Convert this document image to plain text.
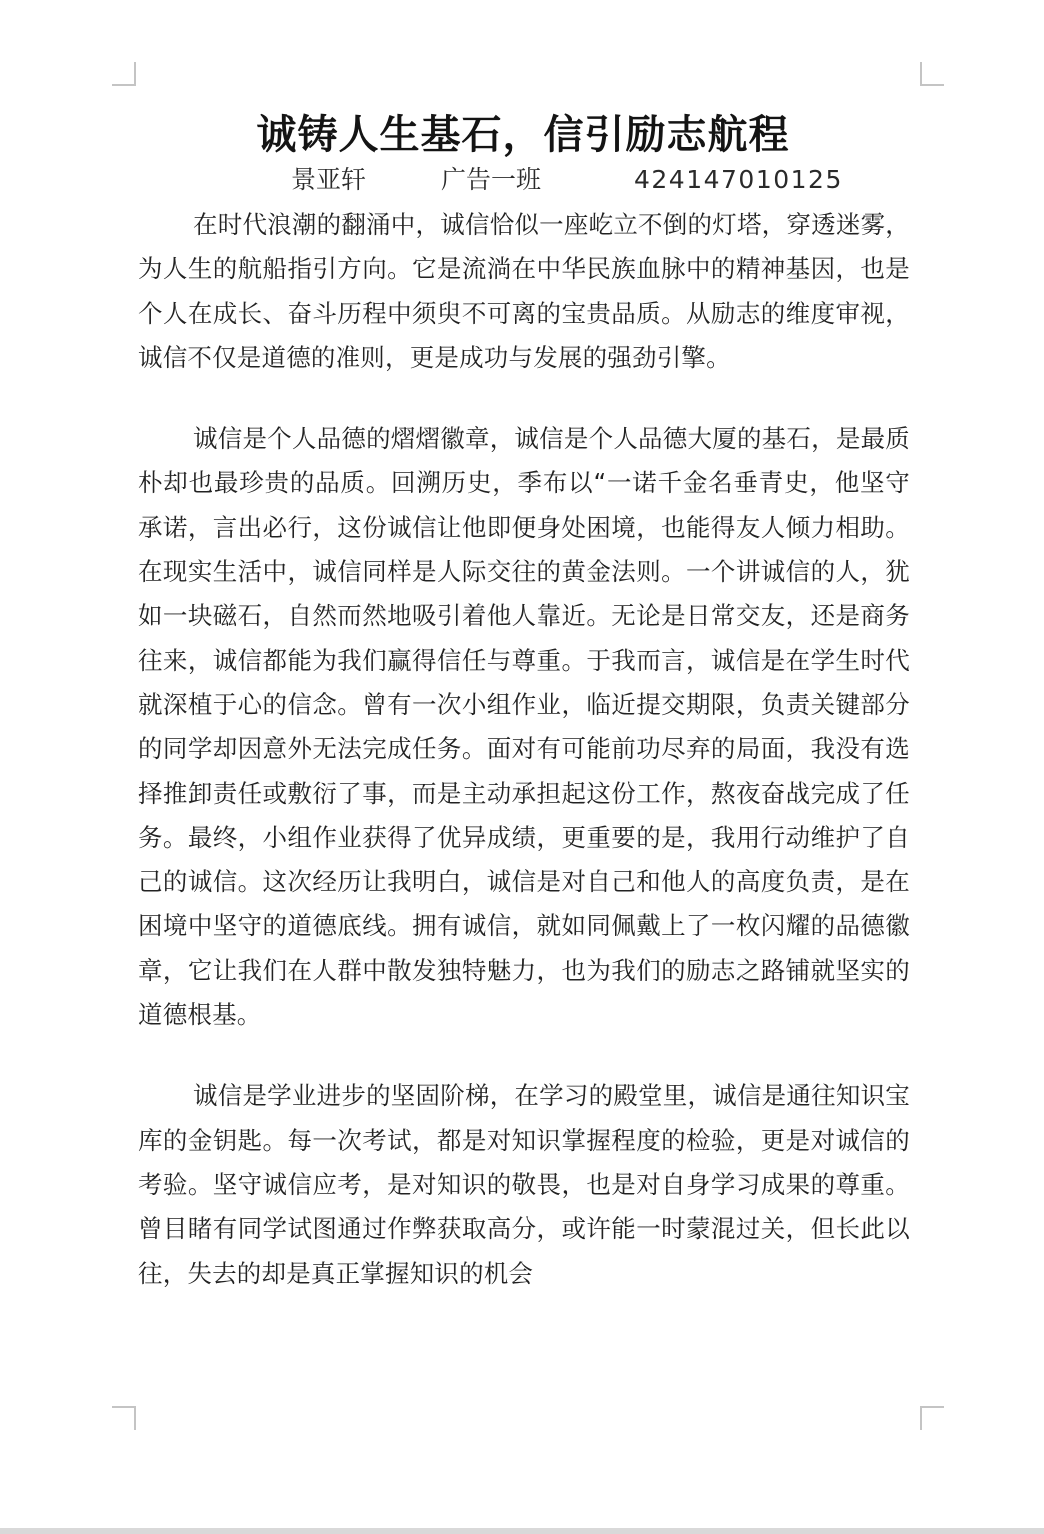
诚铸人生基石，信引励志航程
景亚轩	广告一班	424147010125

在时代浪潮的翻涌中，诚信恰似一座屹立不倒的灯塔，穿透迷雾，为人生的航船指引方向。它是流淌在中华民族血脉中的精神基因，也是个人在成长、奋斗历程中须臾不可离的宝贵品质。从励志的维度审视，诚信不仅是道德的准则，更是成功与发展的强劲引擎。

诚信是个人品德的熠熠徽章，诚信是个人品德大厦的基石，是最质朴却也最珍贵的品质。回溯历史，季布以“一诺千金名垂青史，他坚守承诺，言出必行，这份诚信让他即便身处困境，也能得友人倾力相助。在现实生活中，诚信同样是人际交往的黄金法则。一个讲诚信的人，犹如一块磁石，自然而然地吸引着他人靠近。无论是日常交友，还是商务往来，诚信都能为我们赢得信任与尊重。于我而言，诚信是在学生时代就深植于心的信念。曾有一次小组作业，临近提交期限，负责关键部分的同学却因意外无法完成任务。面对有可能前功尽弃的局面，我没有选择推卸责任或敷衍了事，而是主动承担起这份工作，熬夜奋战完成了任务。最终，小组作业获得了优异成绩，更重要的是，我用行动维护了自己的诚信。这次经历让我明白，诚信是对自己和他人的高度负责，是在困境中坚守的道德底线。拥有诚信，就如同佩戴上了一枚闪耀的品德徽章，它让我们在人群中散发独特魅力，也为我们的励志之路铺就坚实的道德根基。

诚信是学业进步的坚固阶梯，在学习的殿堂里，诚信是通往知识宝库的金钥匙。每一次考试，都是对知识掌握程度的检验，更是对诚信的考验。坚守诚信应考，是对知识的敬畏，也是对自身学习成果的尊重。曾目睹有同学试图通过作弊获取高分，或许能一时蒙混过关，但长此以往，失去的却是真正掌握知识的机会
